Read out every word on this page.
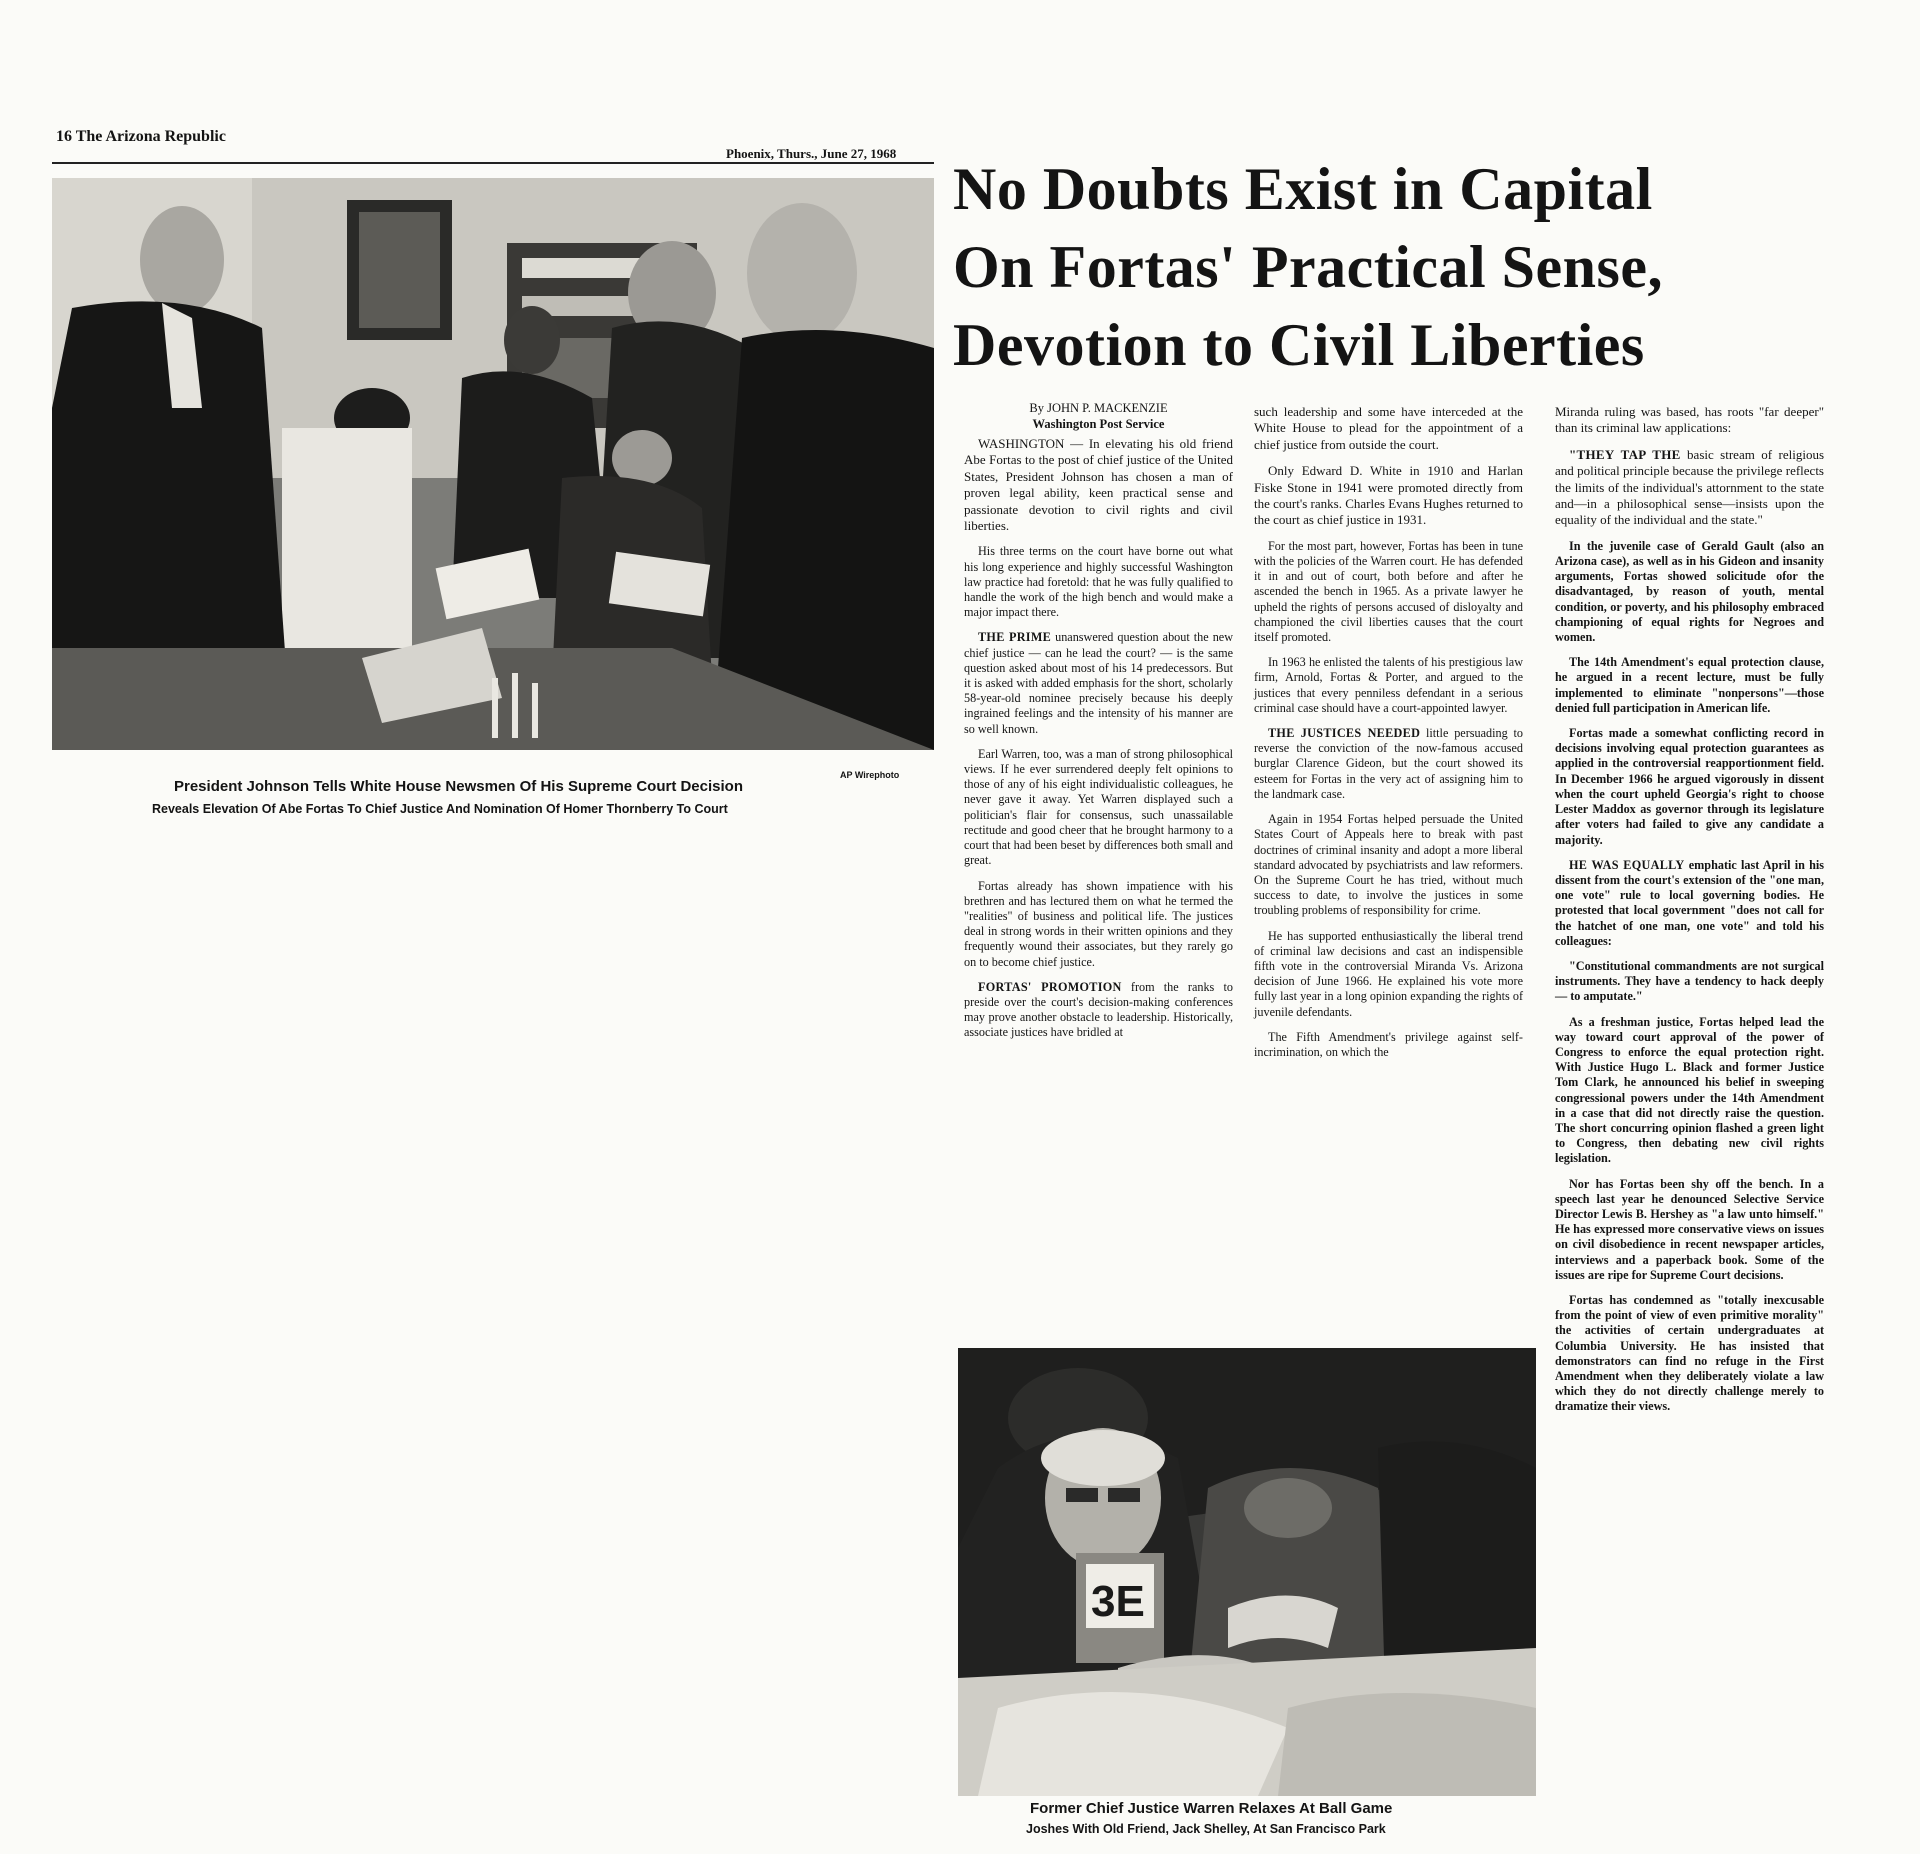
16 The Arizona Republic
Phoenix, Thurs., June 27, 1968
AP Wirephoto
President Johnson Tells White House Newsmen Of His Supreme Court Decision
Reveals Elevation Of Abe Fortas To Chief Justice And Nomination Of Homer Thornberry To Court
No Doubts Exist in Capital
On Fortas' Practical Sense,
Devotion to Civil Liberties
By JOHN P. MACKENZIE
Washington Post Service

WASHINGTON — In elevating his old friend Abe Fortas to the post of chief justice of the United States, President Johnson has chosen a man of proven legal ability, keen practical sense and passionate devotion to civil rights and civil liberties.

His three terms on the court have borne out what his long experience and highly successful Washington law practice had foretold: that he was fully qualified to handle the work of the high bench and would make a major impact there.

THE PRIME unanswered question about the new chief justice — can he lead the court? — is the same question asked about most of his 14 predecessors. But it is asked with added emphasis for the short, scholarly 58-year-old nominee precisely because his deeply ingrained feelings and the intensity of his manner are so well known.

Earl Warren, too, was a man of strong philosophical views. If he ever surrendered deeply felt opinions to those of any of his eight individualistic colleagues, he never gave it away. Yet Warren displayed such a politician's flair for consensus, such unassailable rectitude and good cheer that he brought harmony to a court that had been beset by differences both small and great.

Fortas already has shown impatience with his brethren and has lectured them on what he termed the "realities" of business and political life. The justices deal in strong words in their written opinions and they frequently wound their associates, but they rarely go on to become chief justice.

FORTAS' PROMOTION from the ranks to preside over the court's decision-making conferences may prove another obstacle to leadership. Historically, associate justices have bridled at

such leadership and some have interceded at the White House to plead for the appointment of a chief justice from outside the court.

Only Edward D. White in 1910 and Harlan Fiske Stone in 1941 were promoted directly from the court's ranks. Charles Evans Hughes returned to the court as chief justice in 1931.

For the most part, however, Fortas has been in tune with the policies of the Warren court. He has defended it in and out of court, both before and after he ascended the bench in 1965. As a private lawyer he upheld the rights of persons accused of disloyalty and championed the civil liberties causes that the court itself promoted.

In 1963 he enlisted the talents of his prestigious law firm, Arnold, Fortas & Porter, and argued to the justices that every penniless defendant in a serious criminal case should have a court-appointed lawyer.

THE JUSTICES NEEDED little persuading to reverse the conviction of the now-famous accused burglar Clarence Gideon, but the court showed its esteem for Fortas in the very act of assigning him to the landmark case.

Again in 1954 Fortas helped persuade the United States Court of Appeals here to break with past doctrines of criminal insanity and adopt a more liberal standard advocated by psychiatrists and law reformers. On the Supreme Court he has tried, without much success to date, to involve the justices in some troubling problems of responsibility for crime.

He has supported enthusiastically the liberal trend of criminal law decisions and cast an indispensible fifth vote in the controversial Miranda Vs. Arizona decision of June 1966. He explained his vote more fully last year in a long opinion expanding the rights of juvenile defendants.

The Fifth Amendment's privilege against self-incrimination, on which the

Miranda ruling was based, has roots "far deeper" than its criminal law applications:

"THEY TAP THE basic stream of religious and political principle because the privilege reflects the limits of the individual's attornment to the state and—in a philosophical sense—insists upon the equality of the individual and the state."

In the juvenile case of Gerald Gault (also an Arizona case), as well as in his Gideon and insanity arguments, Fortas showed solicitude ofor the disadvantaged, by reason of youth, mental condition, or poverty, and his philosophy embraced championing of equal rights for Negroes and women.

The 14th Amendment's equal protection clause, he argued in a recent lecture, must be fully implemented to eliminate "nonpersons"—those denied full participation in American life.

Fortas made a somewhat conflicting record in decisions involving equal protection guarantees as applied in the controversial reapportionment field. In December 1966 he argued vigorously in dissent when the court upheld Georgia's right to choose Lester Maddox as governor through its legislature after voters had failed to give any candidate a majority.

HE WAS EQUALLY emphatic last April in his dissent from the court's extension of the "one man, one vote" rule to local governing bodies. He protested that local government "does not call for the hatchet of one man, one vote" and told his colleagues:

"Constitutional commandments are not surgical instruments. They have a tendency to hack deeply — to amputate."

As a freshman justice, Fortas helped lead the way toward court approval of the power of Congress to enforce the equal protection right. With Justice Hugo L. Black and former Justice Tom Clark, he announced his belief in sweeping congressional powers under the 14th Amendment in a case that did not directly raise the question. The short concurring opinion flashed a green light to Congress, then debating new civil rights legislation.

Nor has Fortas been shy off the bench. In a speech last year he denounced Selective Service Director Lewis B. Hershey as "a law unto himself." He has expressed more conservative views on issues on civil disobedience in recent newspaper articles, interviews and a paperback book. Some of the issues are ripe for Supreme Court decisions.

Fortas has condemned as "totally inexcusable from the point of view of even primitive morality" the activities of certain undergraduates at Columbia University. He has insisted that demonstrators can find no refuge in the First Amendment when they deliberately violate a law which they do not directly challenge merely to dramatize their views.

3E
Former Chief Justice Warren Relaxes At Ball Game
Joshes With Old Friend, Jack Shelley, At San Francisco Park
